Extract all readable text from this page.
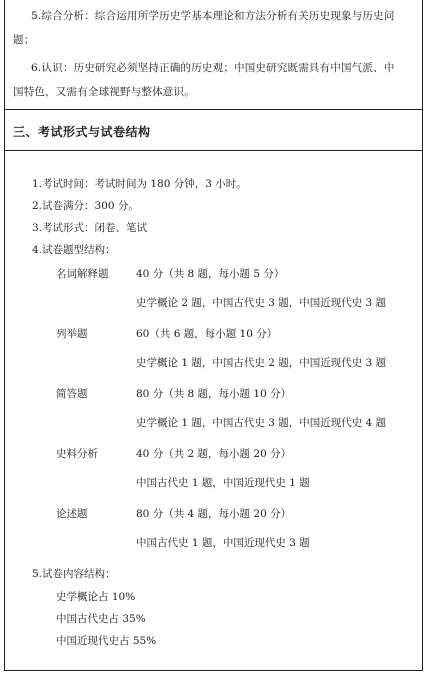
5.综合分析：综合运用所学历史学基本理论和方法分析有关历史现象与历史问
题；
6.认识：历史研究必须坚持正确的历史观；中国史研究既需具有中国气派、中
国特色，又需有全球视野与整体意识。
三、考试形式与试卷结构
1.考试时间：考试时间为 180 分钟，3 小时。
2.试卷满分：300 分。
3.考试形式：闭卷、笔试
4.试卷题型结构：
名词解释题	40 分（共 8 题，每小题 5 分）
史学概论 2 题，中国古代史 3 题，中国近现代史 3 题
列举题	60（共 6 题，每小题 10 分）
史学概论 1 题，中国古代史 2 题，中国近现代史 3 题
简答题	80 分（共 8 题，每小题 10 分）
史学概论 1 题，中国古代史 3 题，中国近现代史 4 题
史料分析	40 分（共 2 题，每小题 20 分）
中国古代史 1 题，中国近现代史 1 题
论述题	80 分（共 4 题，每小题 20 分）
中国古代史 1 题，中国近现代史 3 题
5.试卷内容结构：
史学概论占 10%
中国古代史占 35%
中国近现代史占 55%
